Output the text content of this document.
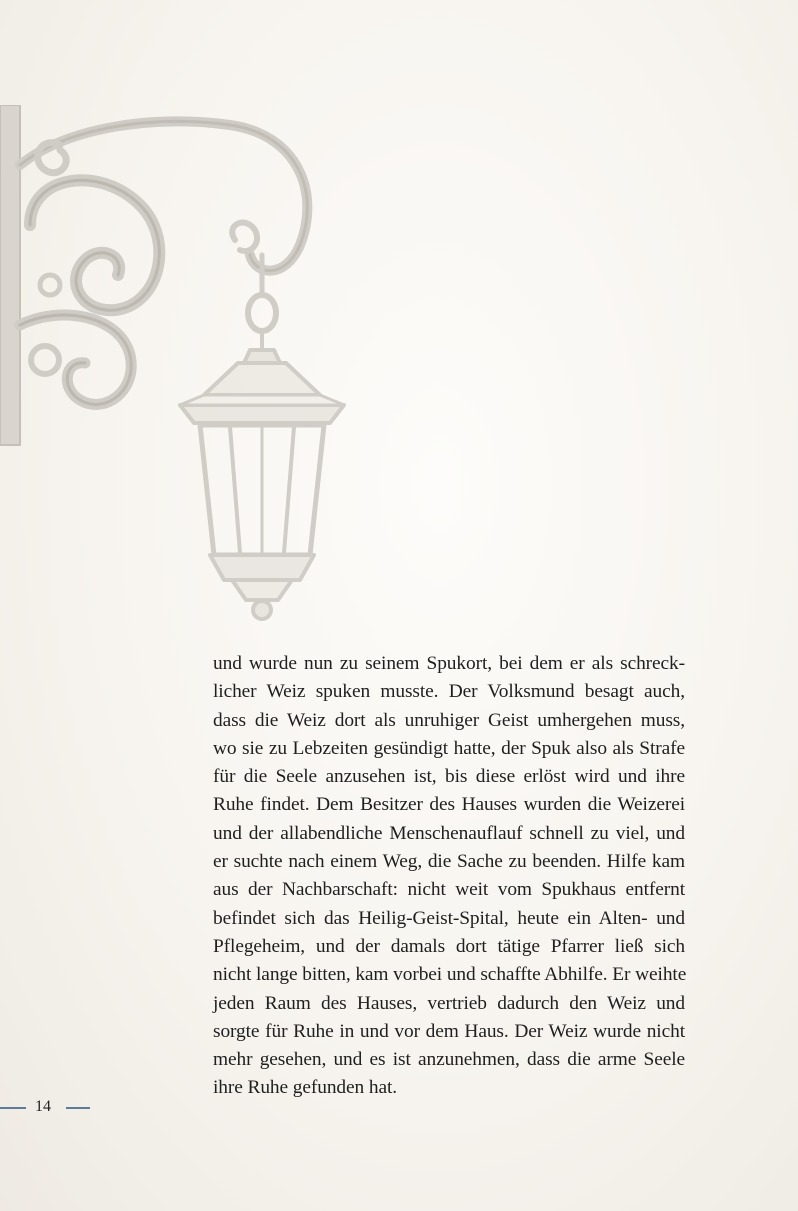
und wurde nun zu seinem Spukort, bei dem er als schreck-
licher Weiz spuken musste. Der Volksmund besagt auch,
dass die Weiz dort als unruhiger Geist umhergehen muss,
wo sie zu Lebzeiten gesündigt hatte, der Spuk also als Strafe
für die Seele anzusehen ist, bis diese erlöst wird und ihre
Ruhe findet. Dem Besitzer des Hauses wurden die Weizerei
und der allabendliche Menschenauflauf schnell zu viel, und
er suchte nach einem Weg, die Sache zu beenden. Hilfe kam
aus der Nachbarschaft: nicht weit vom Spukhaus entfernt
befindet sich das Heilig-Geist-Spital, heute ein Alten- und
Pflegeheim, und der damals dort tätige Pfarrer ließ sich
nicht lange bitten, kam vorbei und schaffte Abhilfe. Er weihte
jeden Raum des Hauses, vertrieb dadurch den Weiz und
sorgte für Ruhe in und vor dem Haus. Der Weiz wurde nicht
mehr gesehen, und es ist anzunehmen, dass die arme Seele
ihre Ruhe gefunden hat.

14
